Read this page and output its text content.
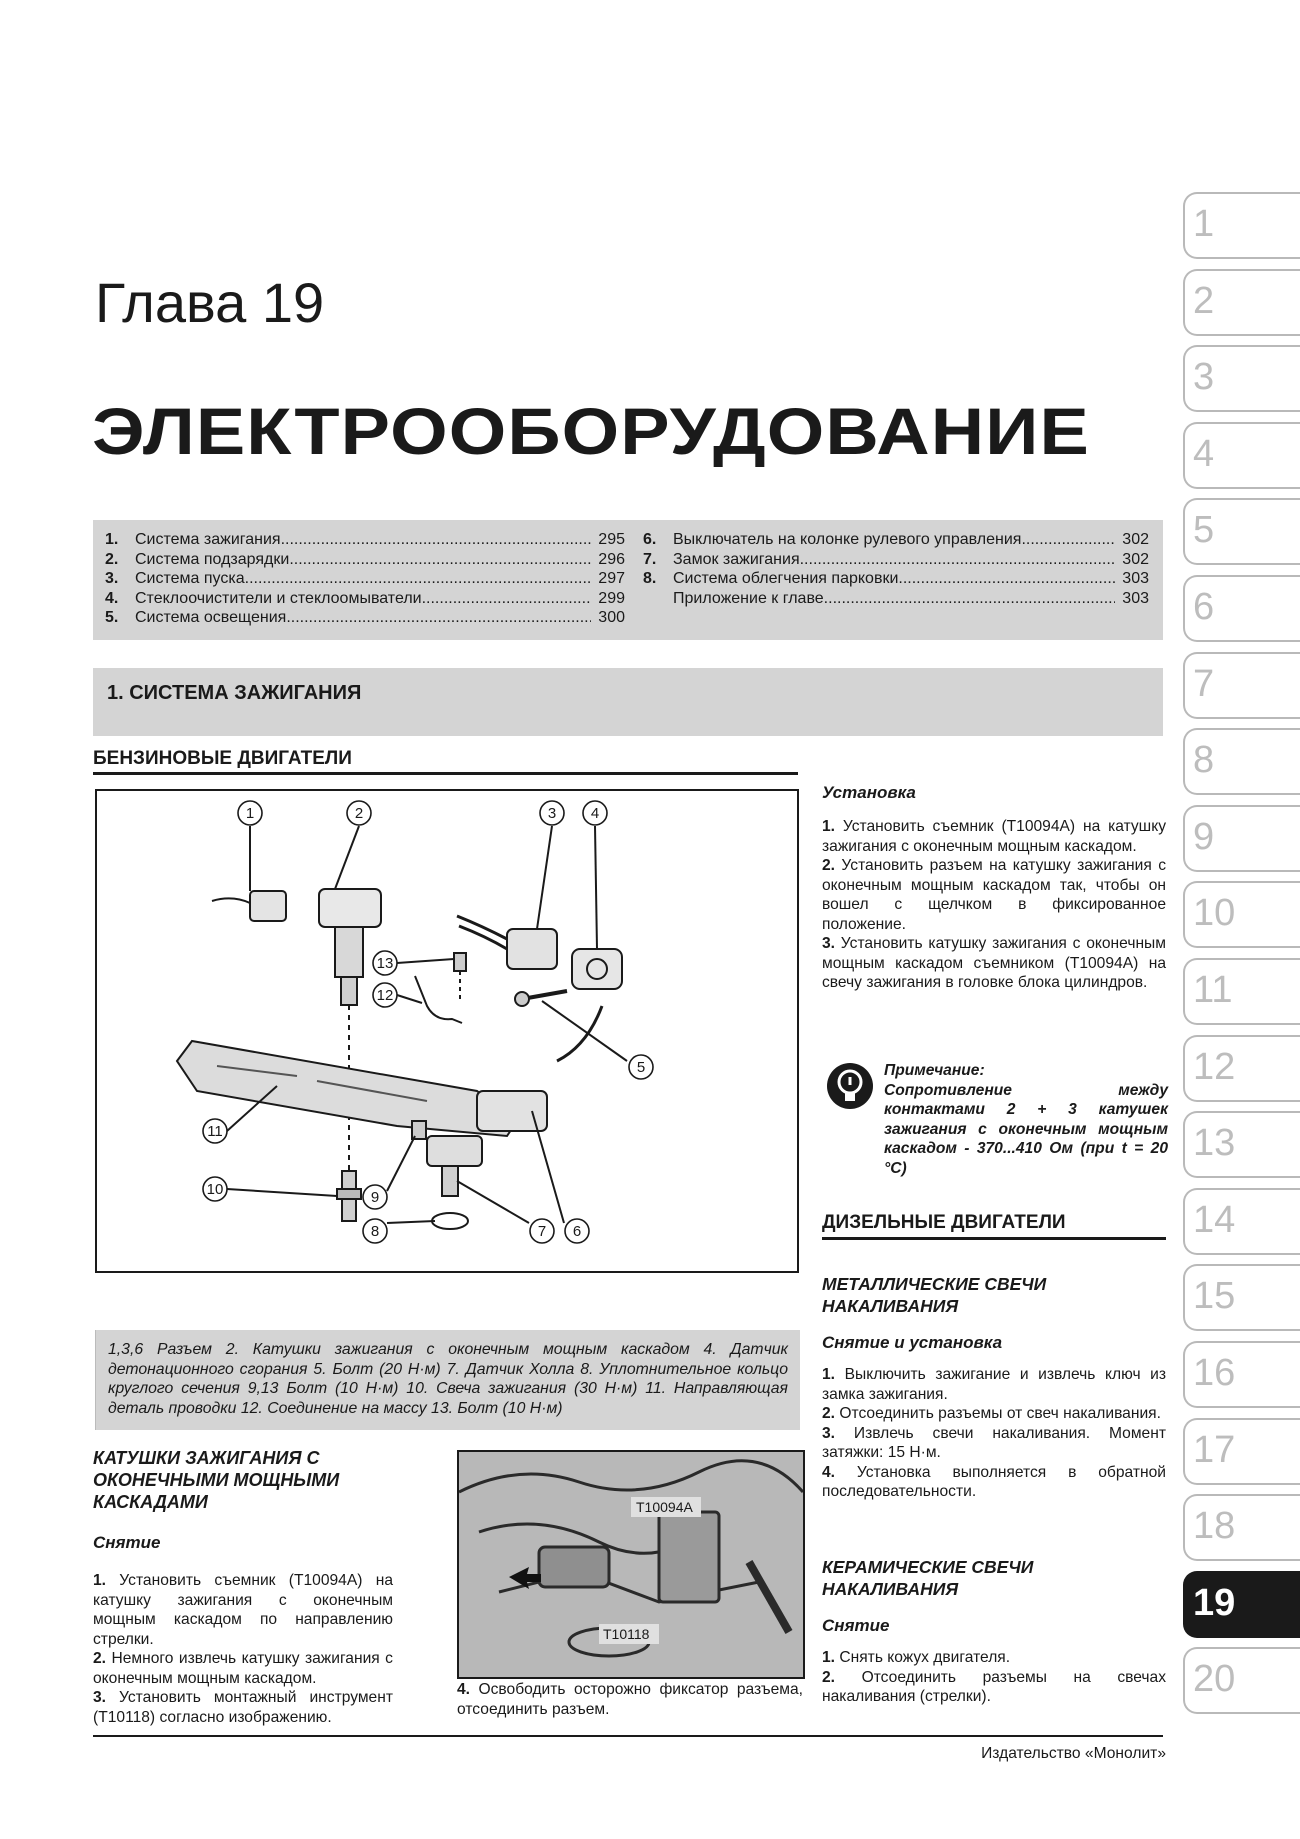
Глава 19
ЭЛЕКТРООБОРУДОВАНИЕ
1.	Система зажигания .....	295
2.	Система подзарядки .....	296
3.	Система пуска .....	297
4.	Стеклоочистители и стеклоомыватели .....	299
5.	Система освещения .....	300
6.	Выключатель на колонке рулевого управления .....	302
7.	Замок зажигания .....	302
8.	Система облегчения парковки .....	303
Приложение к главе .....	303
1. СИСТЕМА ЗАЖИГАНИЯ
БЕНЗИНОВЫЕ ДВИГАТЕЛИ
1	2	3 4
5
6
7
8
9
10
11
12
13

1,3,6 Разъем 2. Катушки зажигания с оконечным мощным каскадом 4. Датчик детонационного сгорания 5. Болт (20 Н·м) 7. Датчик Холла 8. Уплотнительное кольцо круглого сечения 9,13 Болт (10 Н·м) 10. Свеча зажигания (30 Н·м) 11. Направляющая деталь проводки 12. Соединение на массу 13. Болт (10 Н·м)

КАТУШКИ ЗАЖИГАНИЯ С ОКОНЕЧНЫМИ МОЩНЫМИ КАСКАДАМИ
Снятие

1. Установить съемник (T10094A) на катушку зажигания с оконечным мощным каскадом по направлению стрелки.

2. Немного извлечь катушку зажигания с оконечным мощным каскадом.

3. Установить монтажный инструмент (T10118) согласно изображению.

T10094A
T10118
4. Освободить осторожно фиксатор разъема, отсоединить разъем.
Установка

1. Установить съемник (T10094A) на катушку зажигания с оконечным мощным каскадом.

2. Установить разъем на катушку зажигания с оконечным мощным каскадом так, чтобы он вошел с щелчком в фиксированное положение.

3. Установить катушку зажигания с оконечным мощным каскадом съемником (T10094A) на свечу зажигания в головке блока цилиндров.

Примечание:
Сопротивление между контактами 2 + 3 катушек зажигания с оконечным мощным каскадом - 370...410 Ом (при t = 20 °С)
ДИЗЕЛЬНЫЕ ДВИГАТЕЛИ
МЕТАЛЛИЧЕСКИЕ СВЕЧИ НАКАЛИВАНИЯ
Снятие и установка

1. Выключить зажигание и извлечь ключ из замка зажигания.

2. Отсоединить разъемы от свеч накаливания.

3. Извлечь свечи накаливания. Момент затяжки: 15 Н·м.

4. Установка выполняется в обратной последовательности.

КЕРАМИЧЕСКИЕ СВЕЧИ НАКАЛИВАНИЯ
Снятие

1. Снять кожух двигателя.

2. Отсоединить разъемы на свечах накаливания (стрелки).

1
2
3
4
5
6
7
8
9
10
11
12
13
14
15
16
17
18
19
20
Издательство «Монолит»
